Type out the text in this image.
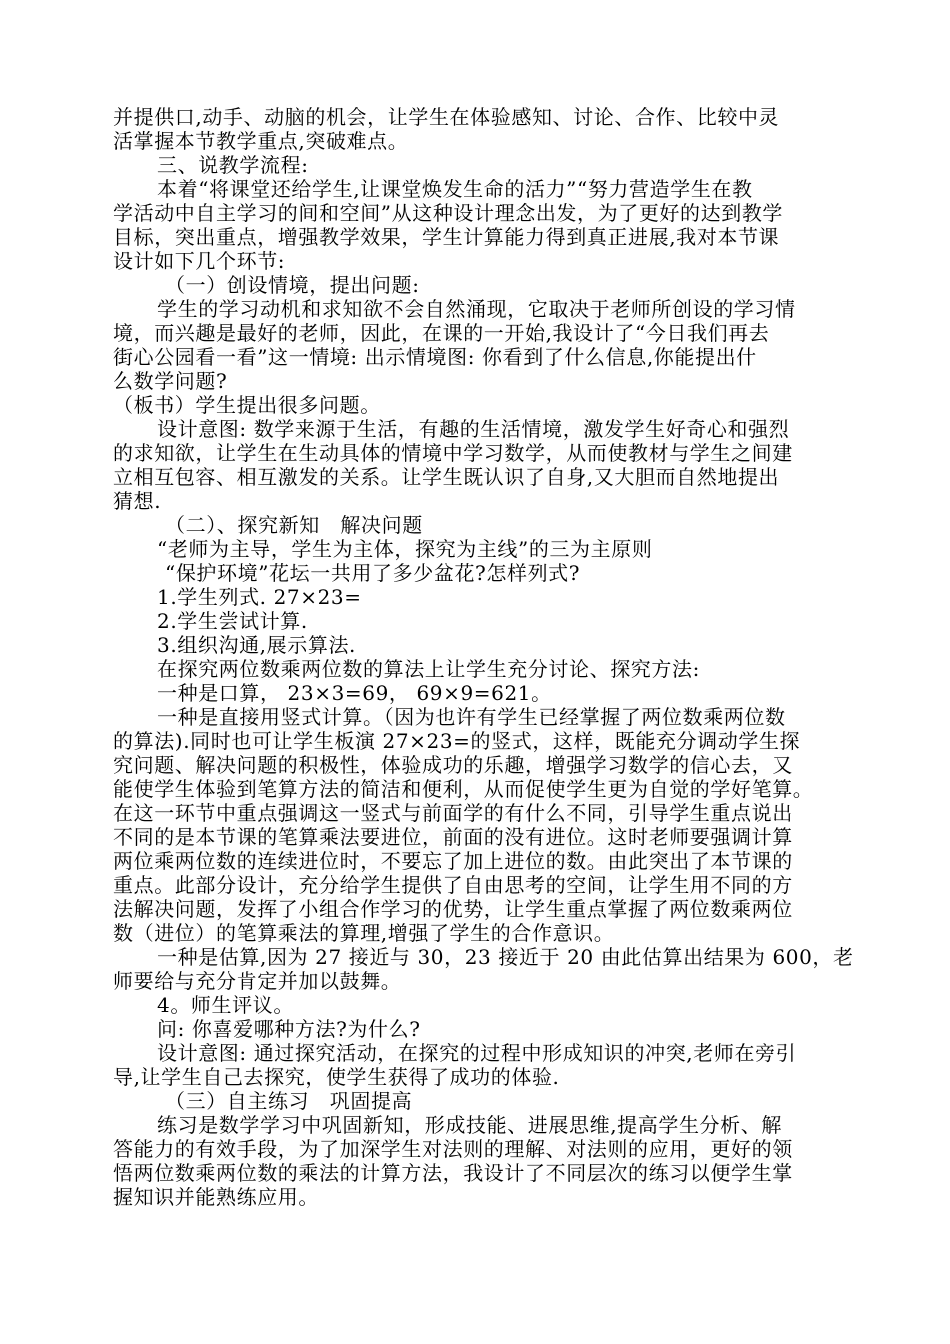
并提供口,动手、动脑的机会，让学生在体验感知、讨论、合作、比较中灵
活掌握本节教学重点,突破难点。
三、说教学流程:
本着“将课堂还给学生,让课堂焕发生命的活力”“努力营造学生在教
学活动中自主学习的间和空间”从这种设计理念出发，为了更好的达到教学
目标，突出重点，增强教学效果，学生计算能力得到真正进展,我对本节课
设计如下几个环节:
（一）创设情境，提出问题:
学生的学习动机和求知欲不会自然涌现，它取决于老师所创设的学习情
境，而兴趣是最好的老师，因此，在课的一开始,我设计了“今日我们再去
街心公园看一看”这一情境: 出示情境图: 你看到了什么信息,你能提出什
么数学问题?
（板书）学生提出很多问题。
设计意图: 数学来源于生活，有趣的生活情境，激发学生好奇心和强烈
的求知欲，让学生在生动具体的情境中学习数学，从而使教材与学生之间建
立相互包容、相互激发的关系。让学生既认识了自身,又大胆而自然地提出
猜想.
（二）、探究新知　解决问题
“老师为主导，学生为主体，探究为主线”的三为主原则
“保护环境”花坛一共用了多少盆花?怎样列式?
1.学生列式. 27×23=
2.学生尝试计算.
3.组织沟通,展示算法.
在探究两位数乘两位数的算法上让学生充分讨论、探究方法:
一种是口算， 23×3=69， 69×9=621。
一种是直接用竖式计算。（因为也许有学生已经掌握了两位数乘两位数
的算法).同时也可让学生板演 27×23=的竖式，这样，既能充分调动学生探
究问题、解决问题的积极性，体验成功的乐趣，增强学习数学的信心去，又
能使学生体验到笔算方法的简洁和便利，从而促使学生更为自觉的学好笔算。
在这一环节中重点强调这一竖式与前面学的有什么不同，引导学生重点说出
不同的是本节课的笔算乘法要进位，前面的没有进位。这时老师要强调计算
两位乘两位数的连续进位时，不要忘了加上进位的数。由此突出了本节课的
重点。此部分设计，充分给学生提供了自由思考的空间，让学生用不同的方
法解决问题，发挥了小组合作学习的优势，让学生重点掌握了两位数乘两位
数（进位）的笔算乘法的算理,增强了学生的合作意识。
一种是估算,因为 27 接近与 30，23 接近于 20 由此估算出结果为 600，老
师要给与充分肯定并加以鼓舞。
4。师生评议。
问: 你喜爱哪种方法?为什么?
设计意图: 通过探究活动，在探究的过程中形成知识的冲突,老师在旁引
导,让学生自己去探究，使学生获得了成功的体验.
（三）自主练习　巩固提高
练习是数学学习中巩固新知，形成技能、进展思维,提高学生分析、解
答能力的有效手段，为了加深学生对法则的理解、对法则的应用，更好的领
悟两位数乘两位数的乘法的计算方法，我设计了不同层次的练习以便学生掌
握知识并能熟练应用。
